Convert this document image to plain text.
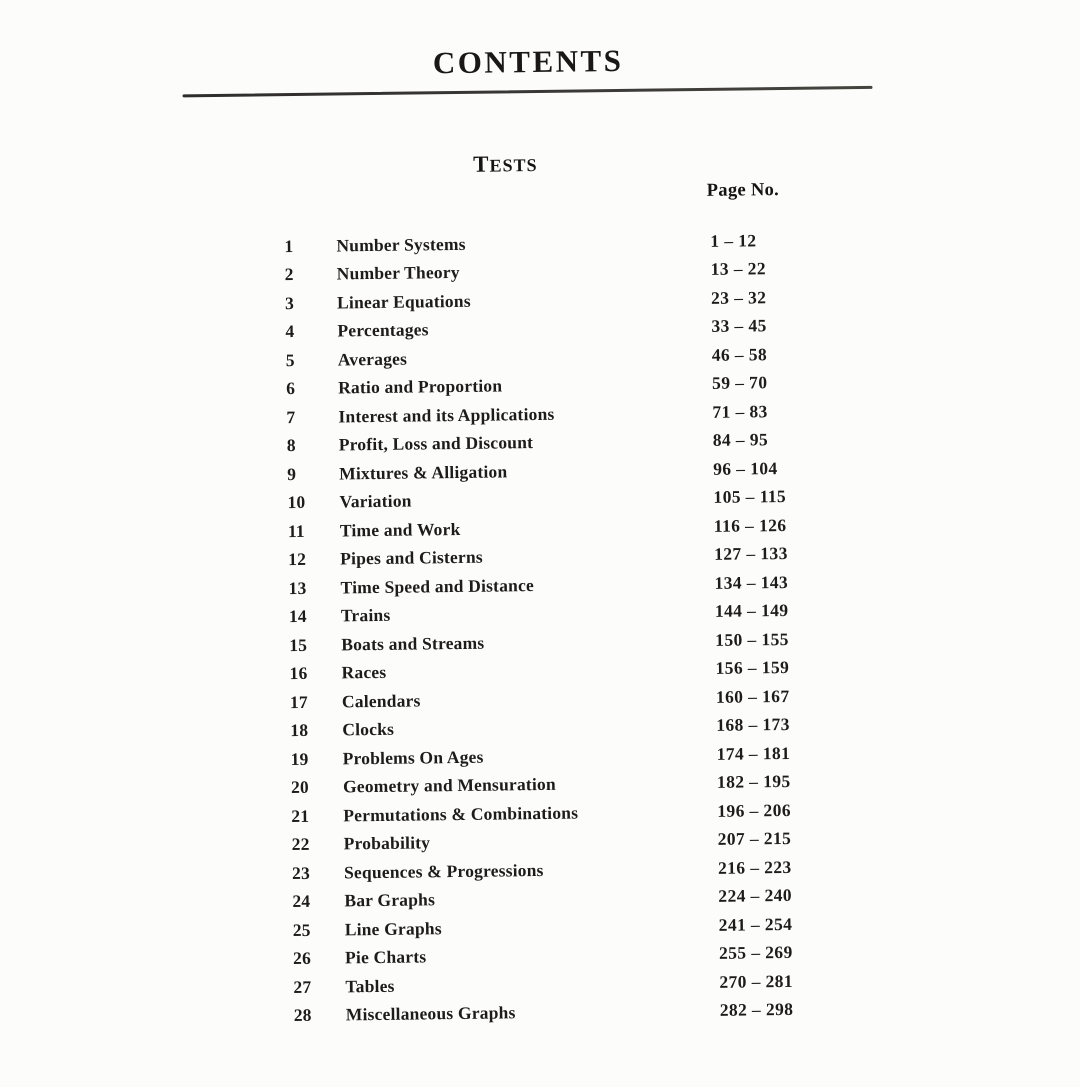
CONTENTS
TESTS
Page No.
1	Number Systems	1 – 12
2	Number Theory	13 – 22
3	Linear Equations	23 – 32
4	Percentages	33 – 45
5	Averages	46 – 58
6	Ratio and Proportion	59 – 70
7	Interest and its Applications	71 – 83
8	Profit, Loss and Discount	84 – 95
9	Mixtures & Alligation	96 – 104
10	Variation	105 – 115
11	Time and Work	116 – 126
12	Pipes and Cisterns	127 – 133
13	Time Speed and Distance	134 – 143
14	Trains	144 – 149
15	Boats and Streams	150 – 155
16	Races	156 – 159
17	Calendars	160 – 167
18	Clocks	168 – 173
19	Problems On Ages	174 – 181
20	Geometry and Mensuration	182 – 195
21	Permutations & Combinations	196 – 206
22	Probability	207 – 215
23	Sequences & Progressions	216 – 223
24	Bar Graphs	224 – 240
25	Line Graphs	241 – 254
26	Pie Charts	255 – 269
27	Tables	270 – 281
28	Miscellaneous Graphs	282 – 298
